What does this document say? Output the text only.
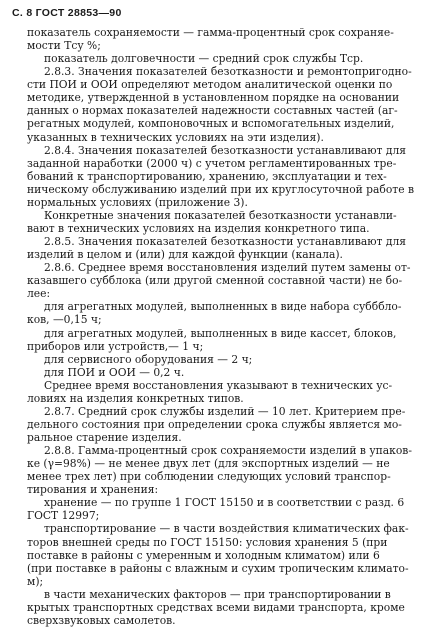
С. 8 ГОСТ 28853—90
показатель сохраняемости — гамма-процентный срок сохраняе-
мости Tсу %;
показатель долговечности — средний срок службы Tср.
2.8.3. Значения показателей безотказности и ремонтопригодно-
сти ПОИ и ООИ определяют методом аналитической оценки по
методике, утвержденной в установленном порядке на основании
данных о нормах показателей надежности составных частей (аг-
регатных модулей, компоновочных и вспомогательных изделий,
указанных в технических условиях на эти изделия).
2.8.4. Значения показателей безотказности устанавливают для
заданной наработки (2000 ч) с учетом регламентированных тре-
бований к транспортированию, хранению, эксплуатации и тех-
ническому обслуживанию изделий при их круглосуточной работе в
нормальных условиях (приложение 3).
Конкретные значения показателей безотказности устанавли-
вают в технических условиях на изделия конкретного типа.
2.8.5. Значения показателей безотказности устанавливают для
изделий в целом и (или) для каждой функции (канала).
2.8.6. Среднее время восстановления изделий путем замены от-
казавшего субблока (или другой сменной составной части) не бо-
лее:
для агрегатных модулей, выполненных в виде набора субббло-
ков, —0,15 ч;
для агрегатных модулей, выполненных в виде кассет, блоков,
приборов или устройств,— 1 ч;
для сервисного оборудования — 2 ч;
для ПОИ и ООИ — 0,2 ч.
Среднее время восстановления указывают в технических ус-
ловиях на изделия конкретных типов.
2.8.7. Средний срок службы изделий — 10 лет. Критерием пре-
дельного состояния при определении срока службы является мо-
ральное старение изделия.
2.8.8. Гамма-процентный срок сохраняемости изделий в упаков-
ке (γ=98%) — не менее двух лет (для экспортных изделий — не
менее трех лет) при соблюдении следующих условий транспор-
тирования и хранения:
хранение — по группе 1 ГОСТ 15150 и в соответствии с разд. 6
ГОСТ 12997;
транспортирование — в части воздействия климатических фак-
торов внешней среды по ГОСТ 15150: условия хранения 5 (при
поставке в районы с умеренным и холодным климатом) или 6
(при поставке в районы с влажным и сухим тропическим климато-
м);
в части механических факторов — при транспортировании в
крытых транспортных средствах всеми видами транспорта, кроме
сверхзвуковых самолетов.
